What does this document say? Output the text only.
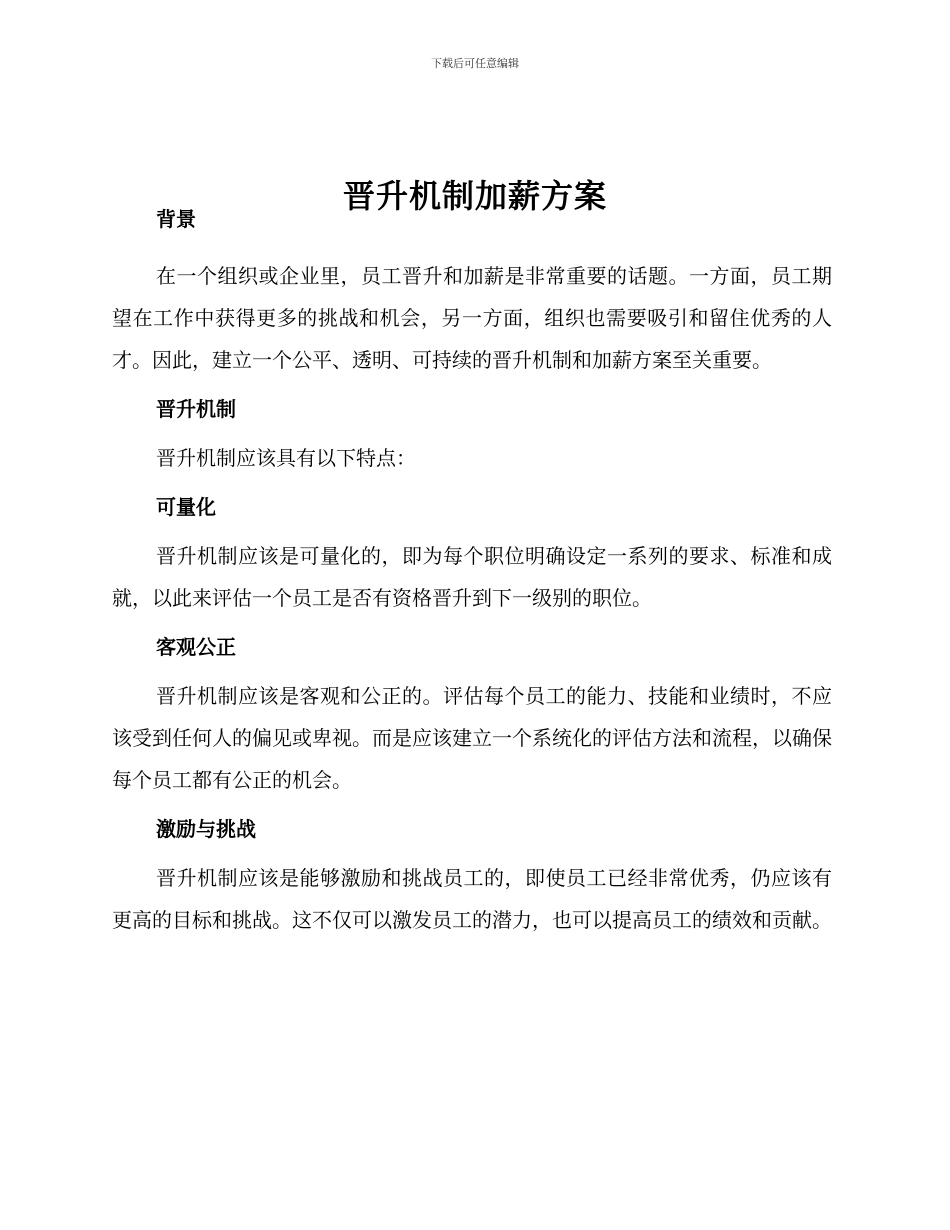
下载后可任意编辑
晋升机制加薪方案
背景

在一个组织或企业里，员工晋升和加薪是非常重要的话题。一方面，员工期望在工作中获得更多的挑战和机会，另一方面，组织也需要吸引和留住优秀的人才。因此，建立一个公平、透明、可持续的晋升机制和加薪方案至关重要。

晋升机制

晋升机制应该具有以下特点：

可量化

晋升机制应该是可量化的，即为每个职位明确设定一系列的要求、标准和成就，以此来评估一个员工是否有资格晋升到下一级别的职位。

客观公正

晋升机制应该是客观和公正的。评估每个员工的能力、技能和业绩时，不应该受到任何人的偏见或卑视。而是应该建立一个系统化的评估方法和流程，以确保每个员工都有公正的机会。

激励与挑战

晋升机制应该是能够激励和挑战员工的，即使员工已经非常优秀，仍应该有更高的目标和挑战。这不仅可以激发员工的潜力，也可以提高员工的绩效和贡献。
